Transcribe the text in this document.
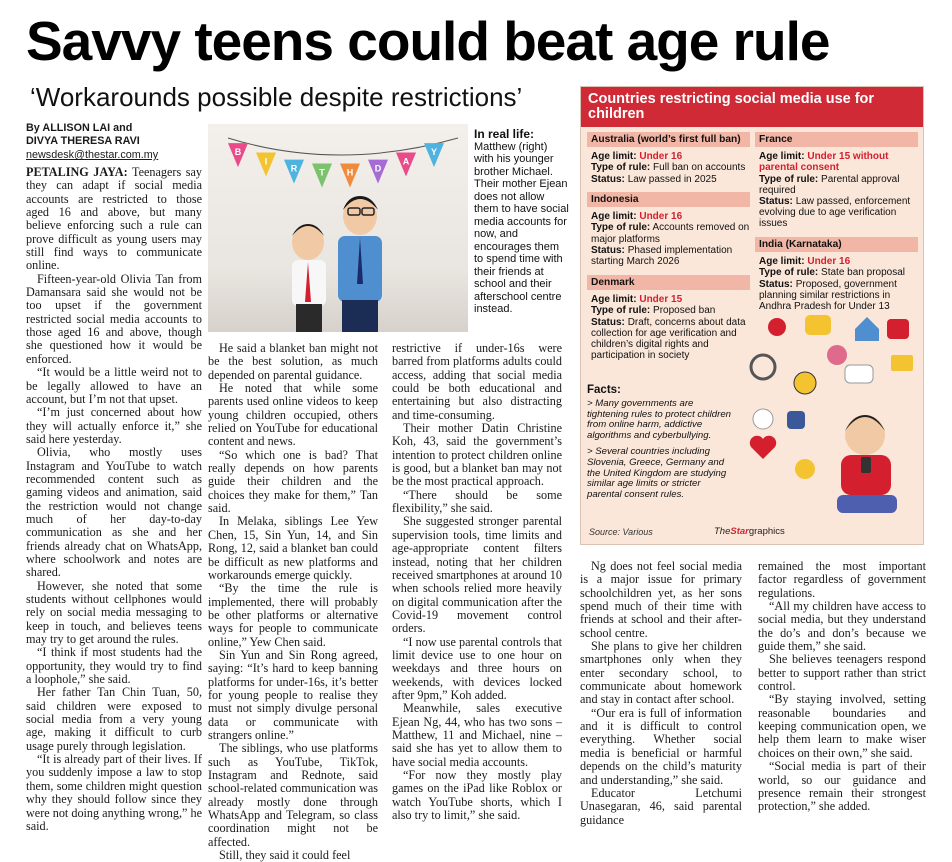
Savvy teens could beat age rule
‘Workarounds possible despite restrictions’

By ALLISON LAI and

DIVYA THERESA RAVI

newsdesk@thestar.com.my

PETALING JAYA: Teenagers say they can adapt if social media accounts are restricted to those aged 16 and above, but many believe enforcing such a rule can prove difficult as young users may still find ways to communicate online.

Fifteen-year-old Olivia Tan from Damansara said she would not be too upset if the government restricted social media accounts to those aged 16 and above, though she questioned how it would be enforced.

“It would be a little weird not to be legally allowed to have an account, but I’m not that upset.

“I’m just concerned about how they will actually enforce it,” she said here yesterday.

Olivia, who mostly uses Instagram and YouTube to watch recommended content such as gaming videos and animation, said the restriction would not change much of her day-to-day communication as she and her friends already chat on WhatsApp, where schoolwork and notes are shared.

However, she noted that some students without cellphones would rely on social media messaging to keep in touch, and believes teens may try to get around the rules.

“I think if most students had the opportunity, they would try to find a loophole,” she said.

Her father Tan Chin Tuan, 50, said children were exposed to social media from a very young age, making it difficult to curb usage purely through legislation.

“It is already part of their lives. If you suddenly impose a law to stop them, some children might question why they should follow since they were not doing anything wrong,” he said.

B
I
R T H D
A
Y
In real life:
Matthew (right) with his younger brother Michael. Their mother Ejean does not allow them to have social media accounts for now, and encourages them to spend time with their friends at school and their afterschool centre instead.

He said a blanket ban might not be the best solution, as much depended on parental guidance.

He noted that while some parents used online videos to keep young children occupied, others relied on YouTube for educational content and news.

“So which one is bad? That really depends on how parents guide their children and the choices they make for them,” Tan said.

In Melaka, siblings Lee Yew Chen, 15, Sin Yun, 14, and Sin Rong, 12, said a blanket ban could be difficult as new platforms and workarounds emerge quickly.

“By the time the rule is implemented, there will probably be other platforms or alternative ways for people to communicate online,” Yew Chen said.

Sin Yun and Sin Rong agreed, saying: “It’s hard to keep banning platforms for under-16s, it’s better for young people to realise they must not simply divulge personal data or communicate with strangers online.”

The siblings, who use platforms such as YouTube, TikTok, Instagram and Rednote, said school-related communication was already mostly done through WhatsApp and Telegram, so class coordination might not be affected.

Still, they said it could feel

restrictive if under-16s were barred from platforms adults could access, adding that social media could be both educational and entertaining but also distracting and time-consuming.

Their mother Datin Christine Koh, 43, said the government’s intention to protect children online is good, but a blanket ban may not be the most practical approach.

“There should be some flexibility,” she said.

She suggested stronger parental supervision tools, time limits and age-appropriate content filters instead, noting that her children received smartphones at around 10 when schools relied more heavily on digital communication after the Covid-19 movement control orders.

“I now use parental controls that limit device use to one hour on weekdays and three hours on weekends, with devices locked after 9pm,” Koh added.

Meanwhile, sales executive Ejean Ng, 44, who has two sons – Matthew, 11 and Michael, nine – said she has yet to allow them to have social media accounts.

“For now they mostly play games on the iPad like Roblox or watch YouTube shorts, which I also try to limit,” she said.

Ng does not feel social media is a major issue for primary schoolchildren yet, as her sons spend much of their time with friends at school and their after-school centre.

She plans to give her children smartphones only when they enter secondary school, to communicate about homework and stay in contact after school.

“Our era is full of information and it is difficult to control everything. Whether social media is beneficial or harmful depends on the child’s maturity and understanding,” she said.

Educator Letchumi Unasegaran, 46, said parental guidance

remained the most important factor regardless of government regulations.

“All my children have access to social media, but they understand the do’s and don’s because we guide them,” she said.

She believes teenagers respond better to support rather than strict control.

“By staying involved, setting reasonable boundaries and keeping communication open, we help them learn to make wiser choices on their own,” she said.

“Social media is part of their world, so our guidance and presence remain their strongest protection,” she added.

Countries restricting social media use for children
Australia (world’s first full ban)
Age limit: Under 16
Type of rule: Full ban on accounts
Status: Law passed in 2025
Indonesia
Age limit: Under 16
Type of rule: Accounts removed on major platforms
Status: Phased implementation starting March 2026
Denmark
Age limit: Under 15
Type of rule: Proposed ban
Status: Draft, concerns about data collection for age verification and children’s digital rights and participation in society
France
Age limit: Under 15 without parental consent
Type of rule: Parental approval required
Status: Law passed, enforcement evolving due to age verification issues
India (Karnataka)
Age limit: Under 16
Type of rule: State ban proposal
Status: Proposed, government planning similar restrictions in Andhra Pradesh for Under 13
Facts:
> Many governments are tightening rules to protect children from online harm, addictive algorithms and cyberbullying.
> Several countries including Slovenia, Greece, Germany and the United Kingdom are studying similar age limits or stricter parental consent rules.
Source: Various	TheStargraphics
